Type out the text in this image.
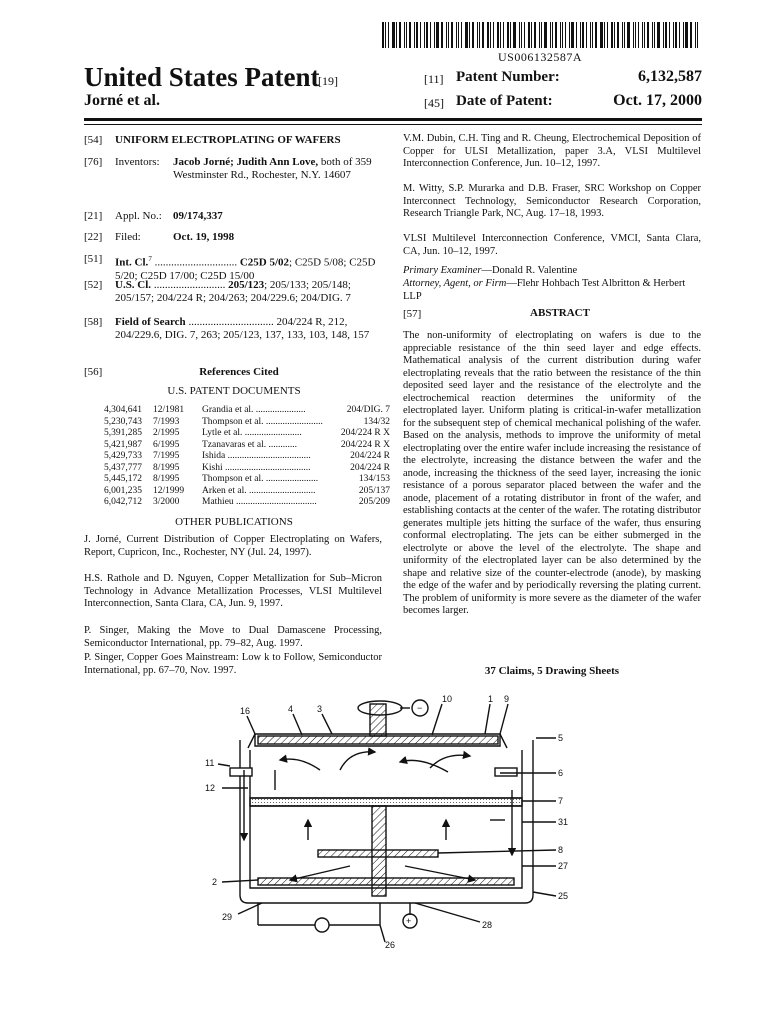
US006132587A
United States Patent
[19]
Jorné et al.
[11] Patent Number:	6,132,587
[45] Date of Patent:	Oct. 17, 2000
[54] UNIFORM ELECTROPLATING OF WAFERS
[76] Inventors:	Jacob Jorné; Judith Ann Love, both of 359 Westminster Rd., Rochester, N.Y. 14607
[21] Appl. No.:	09/174,337
[22] Filed:	Oct. 19, 1998
[51] Int. Cl.$^7$ .............................. C25D 5/02; C25D 5/08; C25D 5/20; C25D 17/00; C25D 15/00
[52] U.S. Cl. .......................... 205/123; 205/133; 205/148; 205/157; 204/224 R; 204/263; 204/229.6; 204/DIG. 7
[58] Field of Search ............................... 204/224 R, 212, 204/229.6, DIG. 7, 263; 205/123, 137, 133, 103, 148, 157
[56]	References Cited
U.S. PATENT DOCUMENTS
4,304,641 12/1981 Grandia et al. .....................	204/DIG. 7
5,230,743 7/1993 Thompson et al. ........................	134/32
5,391,285 2/1995 Lytle et al. ........................	204/224 R X
5,421,987 6/1995 Tzanavaras et al. ............	204/224 R X
5,429,733 7/1995 Ishida ...................................	204/224 R
5,437,777 8/1995 Kishi ....................................	204/224 R
5,445,172 8/1995 Thompson et al. ......................	134/153
6,001,235 12/1999 Arken et al. ............................	205/137
6,042,712 3/2000 Mathieu ..................................	205/209
OTHER PUBLICATIONS
J. Jorné, Current Distribution of Copper Electroplating on Wafers, Report, Cupricon, Inc., Rochester, NY (Jul. 24, 1997).
H.S. Rathole and D. Nguyen, Copper Metallization for Sub–Micron Technology in Advance Metallization Processes, VLSI Multilevel Interconnection, Santa Clara, CA, Jun. 9, 1997.
P. Singer, Making the Move to Dual Damascene Processing, Semiconductor International, pp. 79–82, Aug. 1997.
P. Singer, Copper Goes Mainstream: Low k to Follow, Semiconductor International, pp. 67–70, Nov. 1997.
V.M. Dubin, C.H. Ting and R. Cheung, Electrochemical Deposition of Copper for ULSI Metallization, paper 3.A, VLSI Multilevel Interconnection Conference, Jun. 10–12, 1997.
M. Witty, S.P. Murarka and D.B. Fraser, SRC Workshop on Copper Interconnect Technology, Semiconductor Research Corporation, Research Triangle Park, NC, Aug. 17–18, 1993.
VLSI Multilevel Interconnection Conference, VMCI, Santa Clara, CA, Jun. 10–12, 1997.
Primary Examiner—Donald R. Valentine
Attorney, Agent, or Firm—Flehr Hohbach Test Albritton & Herbert LLP
[57]	ABSTRACT
The non-uniformity of electroplating on wafers is due to the appreciable resistance of the thin seed layer and edge effects. Mathematical analysis of the current distribution during wafer electroplating reveals that the ratio between the resistance of the thin deposited seed layer and the resistance of the electrolyte and the electrochemical reaction determines the uniformity of the electroplated layer. Uniform plating is critical-in-wafer metallization for the subsequent step of chemical mechanical polishing of the wafer. Based on the analysis, methods to improve the uniformity of metal electroplating over the entire wafer include increasing the resistance of the electrolyte, increasing the distance between the wafer and the anode, increasing the thickness of the seed layer, increasing the ionic resistance of a porous separator placed between the wafer and the anode, placement of a rotating distributor in front of the wafer, and establishing contacts at the center of the wafer. The rotating distributor generates multiple jets hitting the surface of the wafer, thus ensuring conformal electroplating. The jets can be either submerged in the electrolyte or above the level of the electrolyte. The shape and uniformity of the electroplated layer can be also determined by the shape and relative size of the counter-electrode (anode), by masking the edge of the wafer and by periodically reversing the plating current. The problem of uniformity is more severe as the diameter of the wafer becomes larger.
37 Claims, 5 Drawing Sheets
16	4	3
10	1 9
5
6
11
12
7
31
8
27
2
25
29
28
26
−
+
